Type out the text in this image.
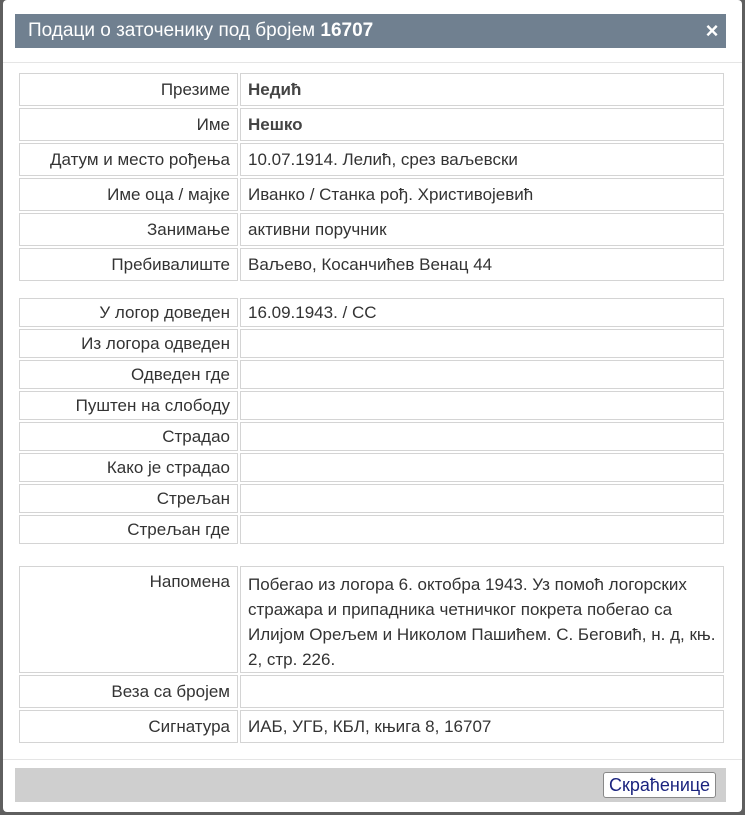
Подаци о заточенику под бројем 16707	×
Презиме	Недић
Име	Нешко
Датум и место рођења	10.07.1914. Лелић, срез ваљевски
Име оца / мајке	Иванко / Станка рођ. Христивојевић
Занимање	активни поручник
Пребивалиште	Ваљево, Косанчићев Венац 44
У логор доведен	16.09.1943. / СС
Из логора одведен	
Одведен где	
Пуштен на слободу	
Страдао	
Како је страдао	
Стрељан	
Стрељан где	
Напомена	Побегао из логора 6. октобра 1943. Уз помоћ логорских стражара и припадника четничког покрета побегао са Илијом Орељем и Николом Пашићем. С. Беговић, н. д, књ. 2, стр. 226.
Веза са бројем	
Сигнатура	ИАБ, УГБ, КБЛ, књига 8, 16707
Скраћенице
